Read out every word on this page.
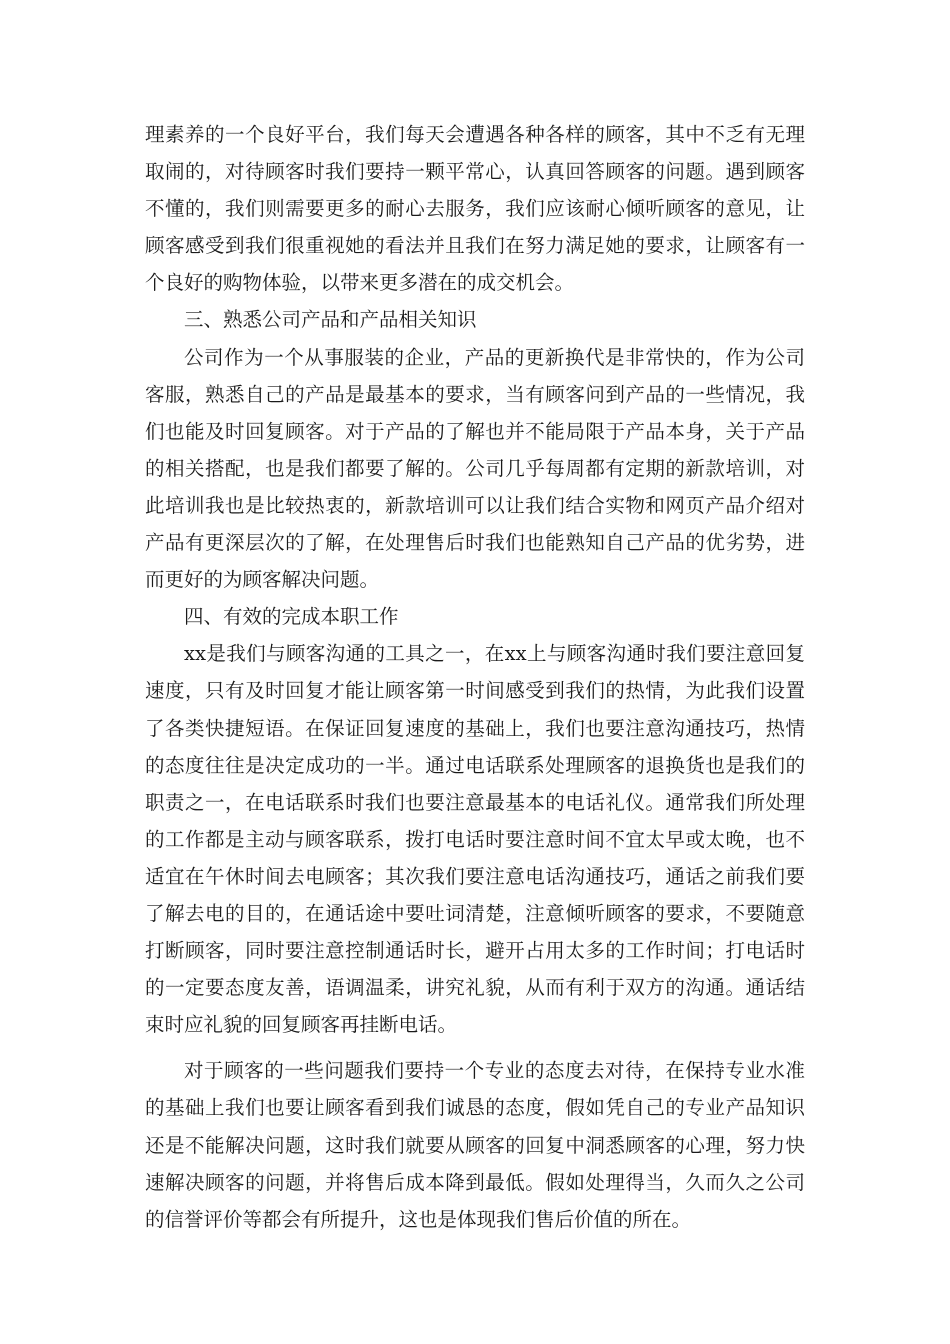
理素养的一个良好平台，我们每天会遭遇各种各样的顾客，其中不乏有无理取闹的，对待顾客时我们要持一颗平常心，认真回答顾客的问题。遇到顾客不懂的，我们则需要更多的耐心去服务，我们应该耐心倾听顾客的意见，让顾客感受到我们很重视她的看法并且我们在努力满足她的要求，让顾客有一个良好的购物体验，以带来更多潜在的成交机会。

三、熟悉公司产品和产品相关知识

公司作为一个从事服装的企业，产品的更新换代是非常快的，作为公司客服，熟悉自己的产品是最基本的要求，当有顾客问到产品的一些情况，我们也能及时回复顾客。对于产品的了解也并不能局限于产品本身，关于产品的相关搭配，也是我们都要了解的。公司几乎每周都有定期的新款培训，对此培训我也是比较热衷的，新款培训可以让我们结合实物和网页产品介绍对产品有更深层次的了解，在处理售后时我们也能熟知自己产品的优劣势，进而更好的为顾客解决问题。

四、有效的完成本职工作

xx是我们与顾客沟通的工具之一，在xx上与顾客沟通时我们要注意回复速度，只有及时回复才能让顾客第一时间感受到我们的热情，为此我们设置了各类快捷短语。在保证回复速度的基础上，我们也要注意沟通技巧，热情的态度往往是决定成功的一半。通过电话联系处理顾客的退换货也是我们的职责之一，在电话联系时我们也要注意最基本的电话礼仪。通常我们所处理的工作都是主动与顾客联系，拨打电话时要注意时间不宜太早或太晚，也不适宜在午休时间去电顾客；其次我们要注意电话沟通技巧，通话之前我们要了解去电的目的，在通话途中要吐词清楚，注意倾听顾客的要求，不要随意打断顾客，同时要注意控制通话时长，避开占用太多的工作时间；打电话时的一定要态度友善，语调温柔，讲究礼貌，从而有利于双方的沟通。通话结束时应礼貌的回复顾客再挂断电话。

对于顾客的一些问题我们要持一个专业的态度去对待，在保持专业水准的基础上我们也要让顾客看到我们诚恳的态度，假如凭自己的专业产品知识还是不能解决问题，这时我们就要从顾客的回复中洞悉顾客的心理，努力快速解决顾客的问题，并将售后成本降到最低。假如处理得当，久而久之公司的信誉评价等都会有所提升，这也是体现我们售后价值的所在。
